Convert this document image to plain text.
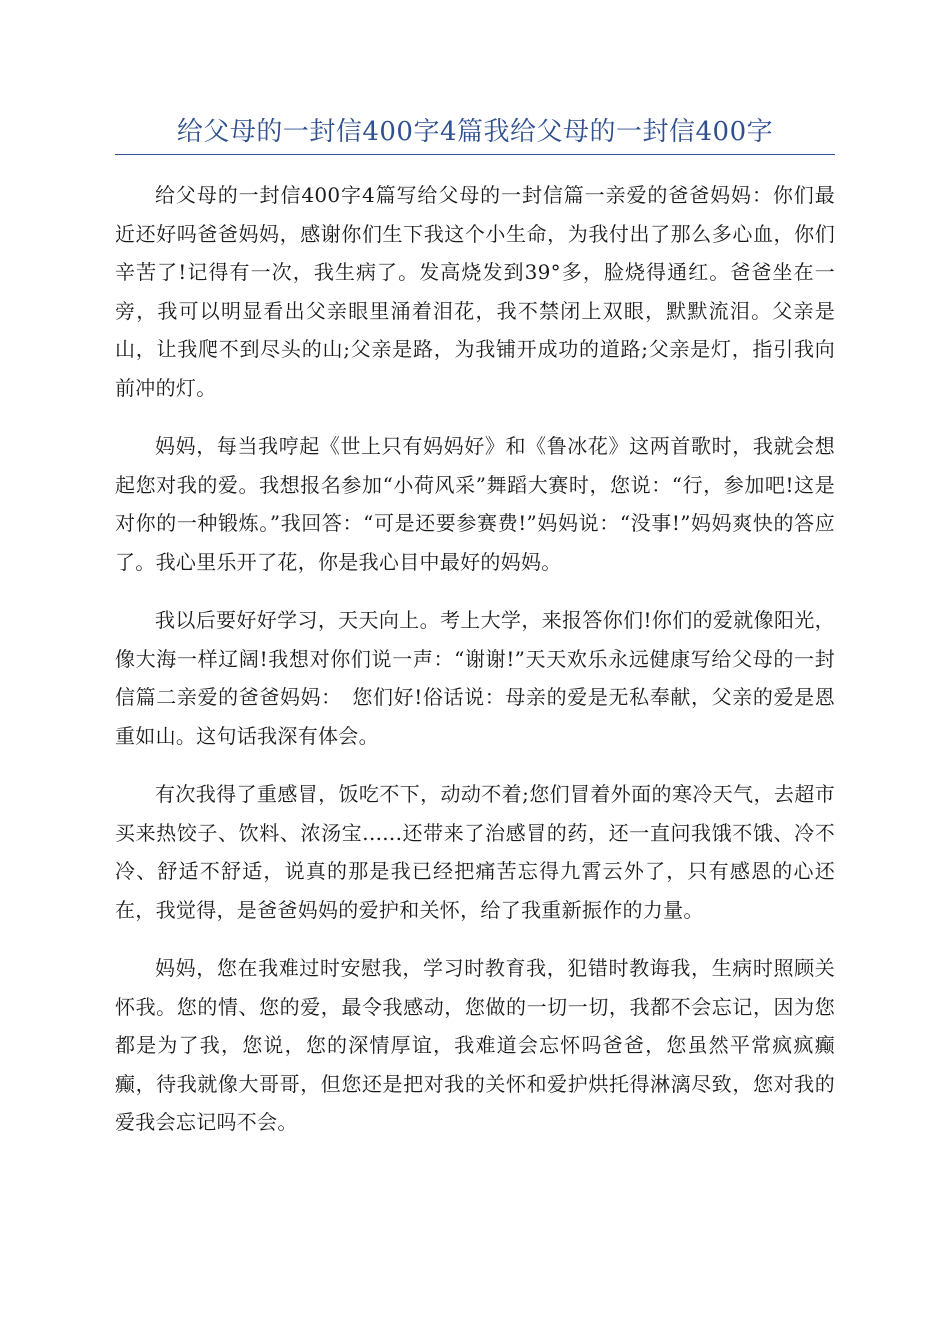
给父母的一封信400字4篇我给父母的一封信400字

给父母的一封信400字4篇写给父母的一封信篇一亲爱的爸爸妈妈：你们最近还好吗爸爸妈妈，感谢你们生下我这个小生命，为我付出了那么多心血，你们辛苦了!记得有一次，我生病了。发高烧发到39°多，脸烧得通红。爸爸坐在一旁，我可以明显看出父亲眼里涌着泪花，我不禁闭上双眼，默默流泪。父亲是山，让我爬不到尽头的山;父亲是路，为我铺开成功的道路;父亲是灯，指引我向前冲的灯。

妈妈，每当我哼起《世上只有妈妈好》和《鲁冰花》这两首歌时，我就会想起您对我的爱。我想报名参加“小荷风采”舞蹈大赛时，您说：“行，参加吧!这是对你的一种锻炼。”我回答：“可是还要参赛费!”妈妈说：“没事!”妈妈爽快的答应了。我心里乐开了花，你是我心目中最好的妈妈。

我以后要好好学习，天天向上。考上大学，来报答你们!你们的爱就像阳光，像大海一样辽阔!我想对你们说一声：“谢谢!”天天欢乐永远健康写给父母的一封信篇二亲爱的爸爸妈妈：　您们好!俗话说：母亲的爱是无私奉献，父亲的爱是恩重如山。这句话我深有体会。

有次我得了重感冒，饭吃不下，动动不着;您们冒着外面的寒冷天气，去超市买来热饺子、饮料、浓汤宝......还带来了治感冒的药，还一直问我饿不饿、冷不冷、舒适不舒适，说真的那是我已经把痛苦忘得九霄云外了，只有感恩的心还在，我觉得，是爸爸妈妈的爱护和关怀，给了我重新振作的力量。

妈妈，您在我难过时安慰我，学习时教育我，犯错时教诲我，生病时照顾关怀我。您的情、您的爱，最令我感动，您做的一切一切，我都不会忘记，因为您都是为了我，您说，您的深情厚谊，我难道会忘怀吗爸爸，您虽然平常疯疯癫癫，待我就像大哥哥，但您还是把对我的关怀和爱护烘托得淋漓尽致，您对我的爱我会忘记吗不会。
